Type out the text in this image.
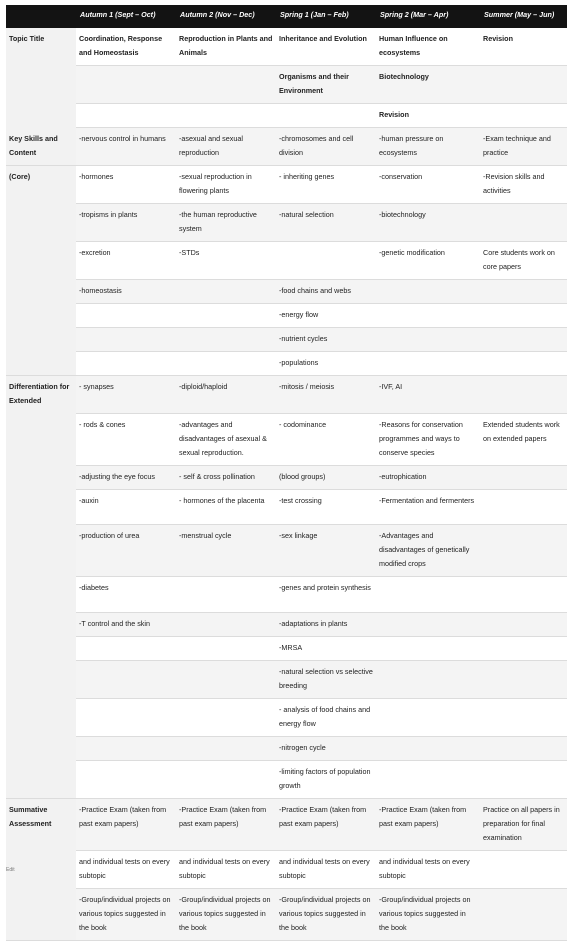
	Autumn 1 (Sept – Oct)	Autumn 2 (Nov – Dec)	Spring 1 (Jan – Feb)	Spring 2 (Mar – Apr)	Summer (May – Jun)
Topic Title	Coordination, Response and Homeostasis	Reproduction in Plants and Animals	Inheritance and Evolution	Human Influence on ecosystems	Revision
			Organisms and their Environment	Biotechnology	
				Revision	
Key Skills and Content	-nervous control in humans	-asexual and sexual reproduction	-chromosomes and cell division	-human pressure on ecosystems	-Exam technique and practice
(Core)	-hormones	-sexual reproduction in flowering plants	- inheriting genes	-conservation	-Revision skills and activities
	-tropisms in plants	-the human reproductive system	-natural selection	-biotechnology	
	-excretion	-STDs		-genetic modification	Core students work on core papers
	-homeostasis		-food chains and webs		
			-energy flow		
			-nutrient cycles		
			-populations		
Differentiation for Extended	- synapses	-diploid/haploid	-mitosis / meiosis	-IVF, AI	
	- rods & cones	-advantages and disadvantages of asexual & sexual reproduction.	- codominance	-Reasons for conservation programmes and ways to conserve species	Extended students work on extended papers
	-adjusting the eye focus	- self & cross pollination	(blood groups)	-eutrophication	
	-auxin	- hormones of the placenta	-test crossing	-Fermentation and fermenters	
	-production of urea	-menstrual cycle	-sex linkage	-Advantages and disadvantages of genetically modified crops	
	-diabetes		-genes and protein synthesis		
	-T control and the skin		-adaptations in plants		
			-MRSA		
			-natural selection vs selective breeding		
			- analysis of food chains and energy flow		
			-nitrogen cycle		
			-limiting factors of population growth		
Summative Assessment	-Practice Exam (taken from past exam papers)	-Practice Exam (taken from past exam papers)	-Practice Exam (taken from past exam papers)	-Practice Exam (taken from past exam papers)	Practice on all papers in preparation for final examination
	and individual tests on every subtopic	and individual tests on every subtopic	and individual tests on every subtopic	and individual tests on every subtopic	
	-Group/individual projects on various topics suggested in the book	-Group/individual projects on various topics suggested in the book	-Group/individual projects on various topics suggested in the book	-Group/individual projects on various topics suggested in the book	
Edit
